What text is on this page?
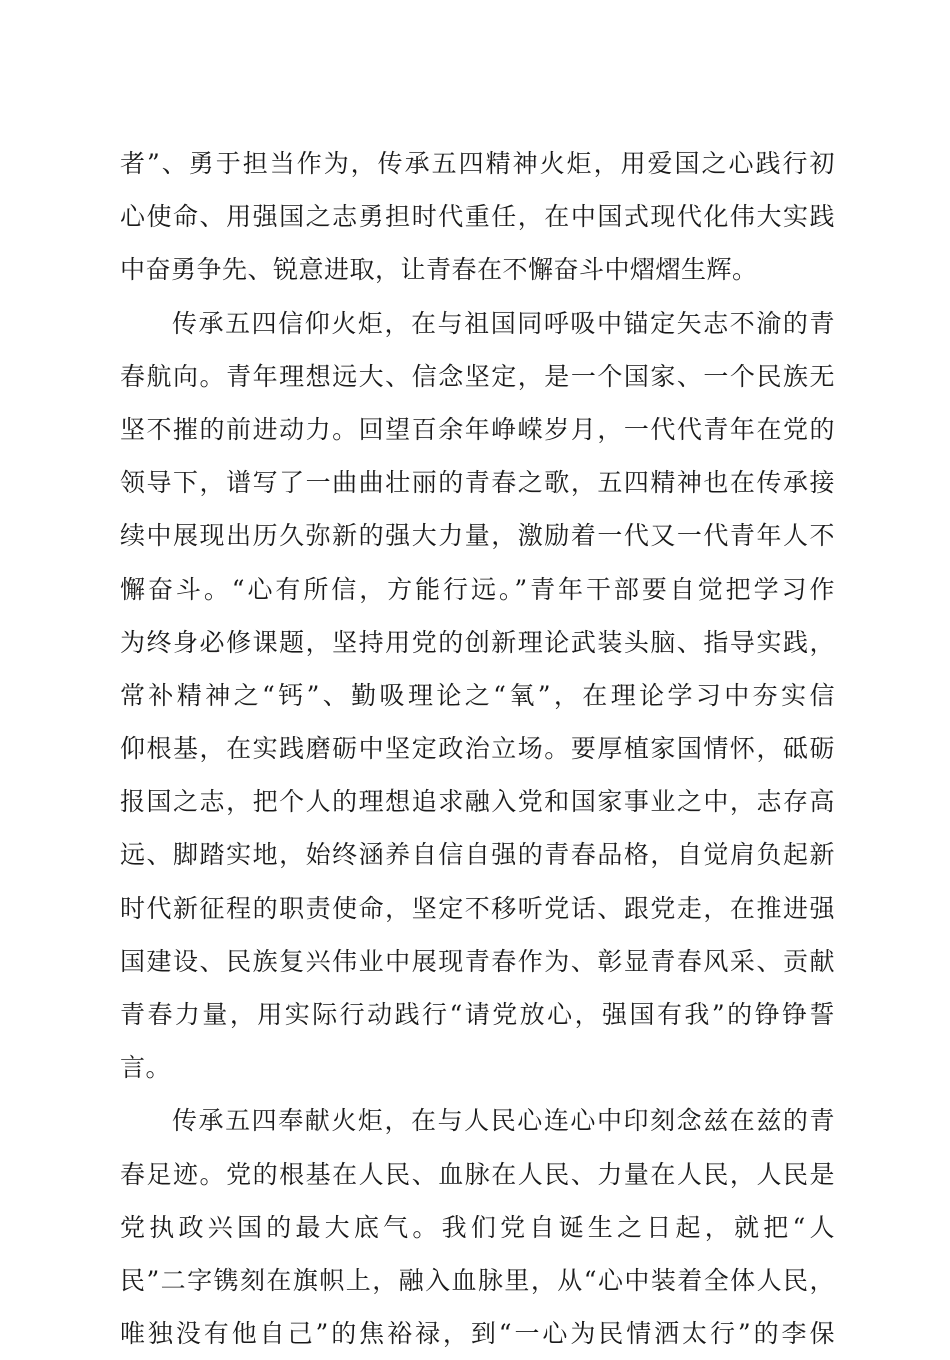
者”、勇于担当作为，传承五四精神火炬，用爱国之心践行初
心使命、用强国之志勇担时代重任，在中国式现代化伟大实践
中奋勇争先、锐意进取，让青春在不懈奋斗中熠熠生辉。
传承五四信仰火炬，在与祖国同呼吸中锚定矢志不渝的青
春航向。青年理想远大、信念坚定，是一个国家、一个民族无
坚不摧的前进动力。回望百余年峥嵘岁月，一代代青年在党的
领导下，谱写了一曲曲壮丽的青春之歌，五四精神也在传承接
续中展现出历久弥新的强大力量，激励着一代又一代青年人不
懈奋斗。“心有所信，方能行远。”青年干部要自觉把学习作
为终身必修课题，坚持用党的创新理论武装头脑、指导实践，
常补精神之“钙”、勤吸理论之“氧”，在理论学习中夯实信
仰根基，在实践磨砺中坚定政治立场。要厚植家国情怀，砥砺
报国之志，把个人的理想追求融入党和国家事业之中，志存高
远、脚踏实地，始终涵养自信自强的青春品格，自觉肩负起新
时代新征程的职责使命，坚定不移听党话、跟党走，在推进强
国建设、民族复兴伟业中展现青春作为、彰显青春风采、贡献
青春力量，用实际行动践行“请党放心，强国有我”的铮铮誓
言。
传承五四奉献火炬，在与人民心连心中印刻念兹在兹的青
春足迹。党的根基在人民、血脉在人民、力量在人民，人民是
党执政兴国的最大底气。我们党自诞生之日起，就把“人
民”二字镌刻在旗帜上，融入血脉里，从“心中装着全体人民，
唯独没有他自己”的焦裕禄，到“一心为民情洒太行”的李保
